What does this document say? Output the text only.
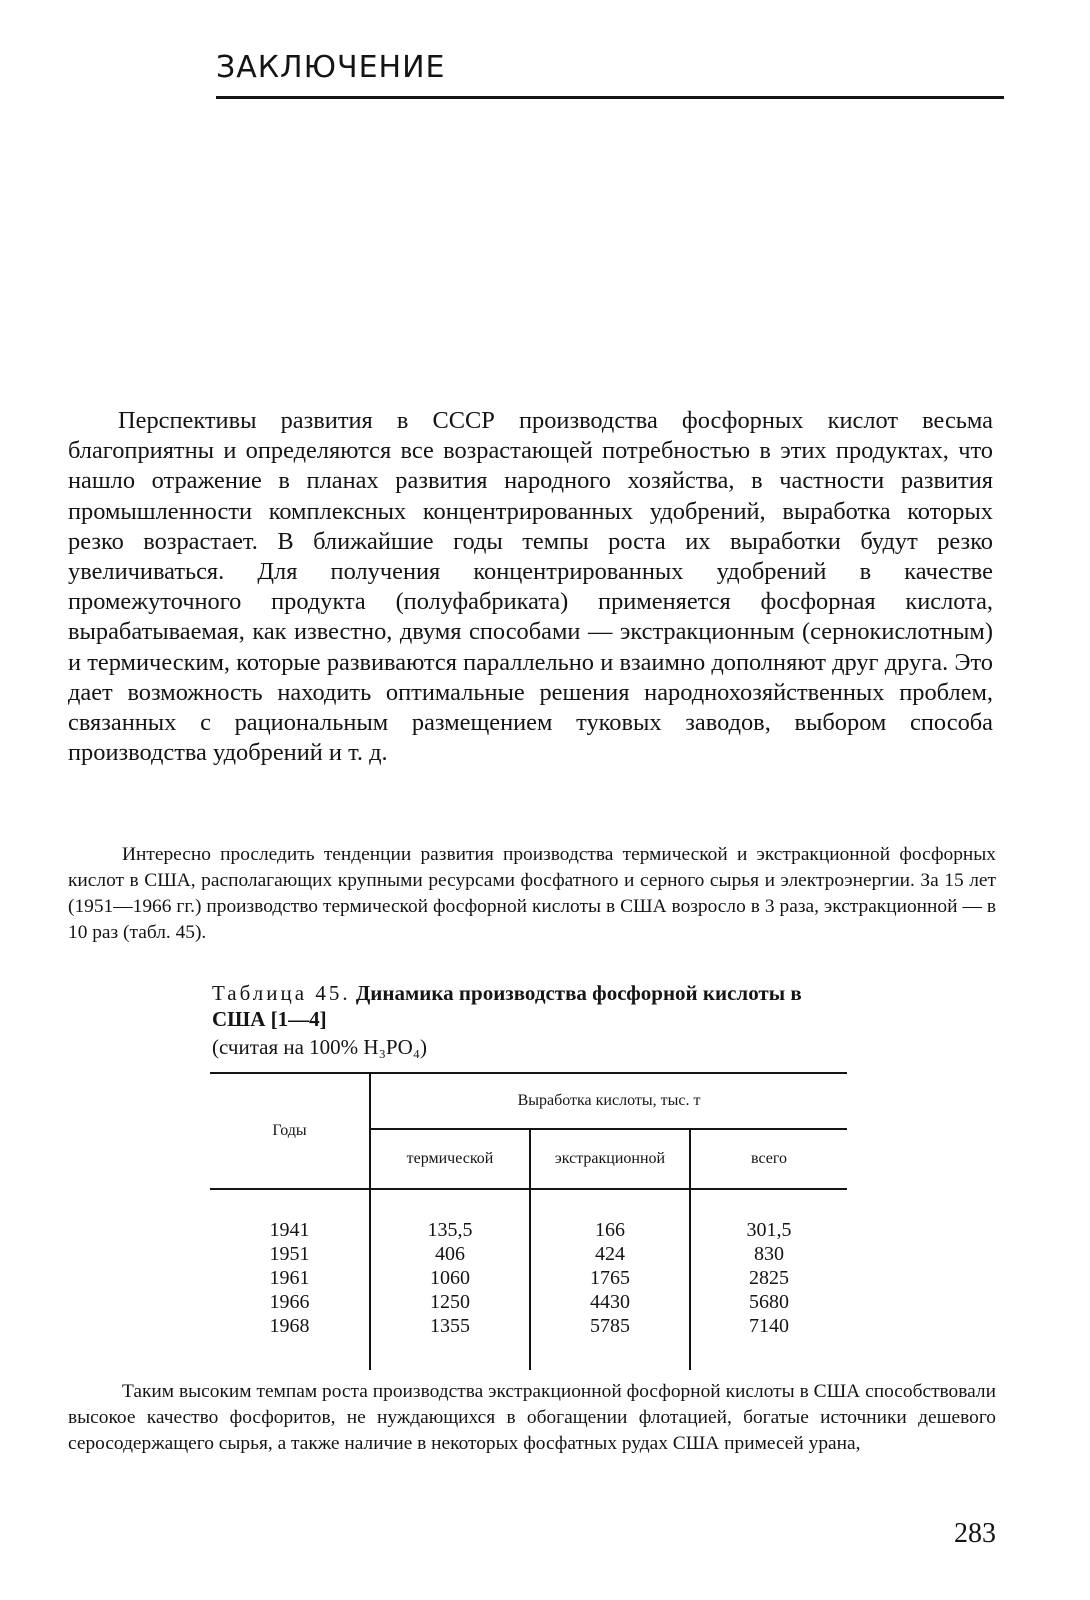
ЗАКЛЮЧЕНИЕ

Перспективы развития в СССР производства фосфорных кислот весьма благоприятны и определяются все возрастающей потребностью в этих продуктах, что нашло отражение в планах развития народного хозяйства, в частности развития промышленности комплексных концентрированных удобрений, выработка которых резко возрастает. В ближайшие годы темпы роста их выработки будут резко увеличиваться. Для получения концентрированных удобрений в качестве промежуточного продукта (полуфабриката) применяется фосфорная кислота, вырабатываемая, как известно, двумя способами — экстракционным (сернокислотным) и термическим, которые развиваются параллельно и взаимно дополняют друг друга. Это дает возможность находить оптимальные решения народнохозяйственных проблем, связанных с рациональным размещением туковых заводов, выбором способа производства удобрений и т. д.

Интересно проследить тенденции развития производства термической и экстракционной фосфорных кислот в США, располагающих крупными ресурсами фосфатного и серного сырья и электроэнергии. За 15 лет (1951—1966 гг.) производство термической фосфорной кислоты в США возросло в 3 раза, экстракционной — в 10 раз (табл. 45).

Таблица 45. Динамика производства фосфорной кислоты в США [1—4]
(считая на 100% H₃PO₄)
Годы	Выработка кислоты, тыс. т		
	термической	экстракционной	всего

1941	135,5	166	301,5
1951	406	424	830
1961	1060	1765	2825
1966	1250	4430	5680
1968	1355	5785	7140

Таким высоким темпам роста производства экстракционной фосфорной кислоты в США способствовали высокое качество фосфоритов, не нуждающихся в обогащении флотацией, богатые источники дешевого серосодержащего сырья, а также наличие в некоторых фосфатных рудах США примесей урана,

283
